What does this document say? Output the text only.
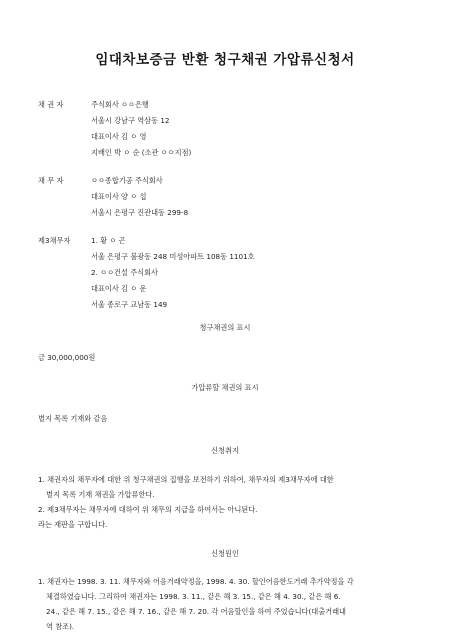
임대차보증금 반환 청구채권 가압류신청서
채 권 자	주식회사 ㅇㅇ은행
서울시 강남구 역삼동 12
대표이사 김 ㅇ 영
지배인 박 ㅇ 순 (소관 ㅇㅇ지점)
채 무 자	ㅇㅇ종합기공 주식회사
대표이사 양 ㅇ 섭
서울시 은평구 진관내동 299-8
제3채무자	1. 황 ㅇ 곤
서울 은평구 불광동 248 미성아파트 108동 1101호
2. ㅇㅇ건설 주식회사
대표이사 김 ㅇ 운
서울 종로구 교남동 149
청구채권의 표시
금 30,000,000원
가압류할 채권의 표시
별지 목록 기재와 같음
신청취지
1. 채권자의 채무자에 대한 위 청구채권의 집행을 보전하기 위하여, 채무자의 제3채무자에 대한
별지 목록 기재 채권을 가압류한다.
2. 제3채무자는 채무자에 대하여 위 채무의 지급을 하여서는 아니된다.
라는 재판을 구합니다.
신청원인
1. 채권자는 1998. 3. 11. 채무자와 어음거래약정을, 1998. 4. 30. 할인어음한도거래 추가약정을 각
체결하였습니다. 그리하여 채권자는 1998. 3. 11., 같은 해 3. 15., 같은 해 4. 30., 같은 해 6.
24., 같은 해 7. 15., 같은 해 7. 16., 같은 해 7. 20. 각 어음할인을 하여 주었습니다(대출거래내
역 참조).
